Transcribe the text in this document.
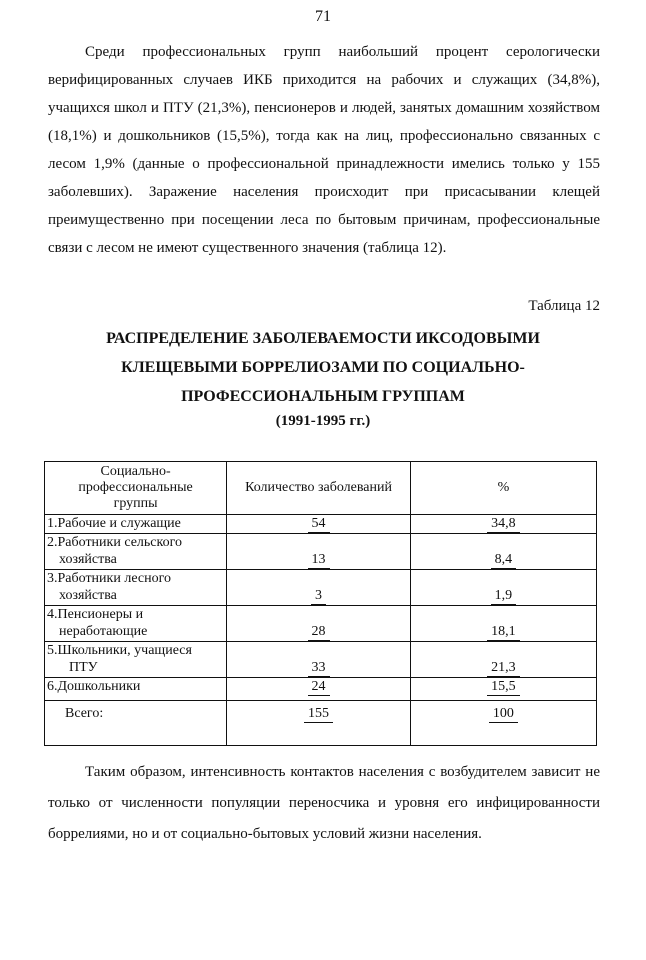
71

Среди профессиональных групп наибольший процент серологически верифицированных случаев ИКБ приходится на рабочих и служащих (34,8%), учащихся школ и ПТУ (21,3%), пенсионеров и людей, занятых домашним хозяйством (18,1%) и дошкольников (15,5%), тогда как на лиц, профессионально связанных с лесом 1,9% (данные о профессиональной принадлежности имелись только у 155 заболевших). Заражение населения происходит при присасывании клещей преимущественно при посещении леса по бытовым причинам, профессиональные связи с лесом не имеют существенного значения (таблица 12).

Таблица 12
РАСПРЕДЕЛЕНИЕ ЗАБОЛЕВАЕМОСТИ ИКСОДОВЫМИ
КЛЕЩЕВЫМИ БОРРЕЛИОЗАМИ ПО СОЦИАЛЬНО-
ПРОФЕССИОНАЛЬНЫМ ГРУППАМ
(1991-1995 гг.)
Социально-
профессиональные
группы	Количество заболеваний	%

1.Рабочие и служащие	54	34,8

2.Работники сельского
хозяйства	13	8,4

3.Работники лесного
хозяйства	3	1,9

4.Пенсионеры и
неработающие	28	18,1

5.Школьники, учащиеся
ПТУ	33	21,3

6.Дошкольники	24	15,5

Всего:	155	100

Таким образом, интенсивность контактов населения с возбудителем зависит не только от численности популяции переносчика и уровня его инфицированности боррелиями, но и от социально-бытовых условий жизни населения.
